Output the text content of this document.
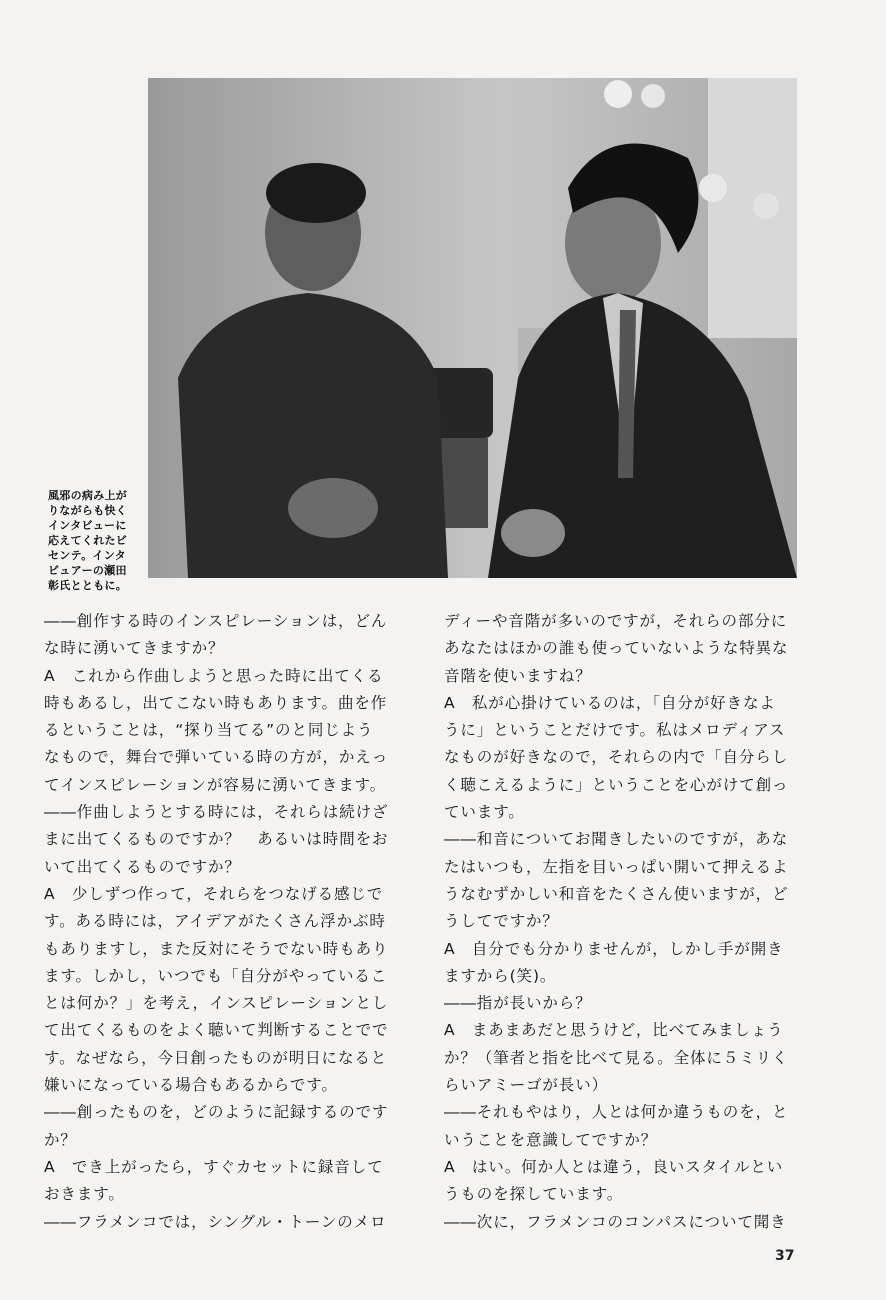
風邪の病み上が
りながらも快く
インタビューに
応えてくれたビ
センテ。インタ
ビュアーの瀬田
彰氏とともに。

――創作する時のインスピレーションは，どん
な時に湧いてきますか？

A　これから作曲しようと思った時に出てくる
時もあるし，出てこない時もあります。曲を作
るということは，“探り当てる”のと同じよう
なもので，舞台で弾いている時の方が，かえっ
てインスピレーションが容易に湧いてきます。

――作曲しようとする時には，それらは続けざ
まに出てくるものですか？　あるいは時間をお
いて出てくるものですか？

A　少しずつ作って，それらをつなげる感じで
す。ある時には，アイデアがたくさん浮かぶ時
もありますし，また反対にそうでない時もあり
ます。しかし，いつでも「自分がやっているこ
とは何か？」を考え，インスピレーションとし
て出てくるものをよく聴いて判断することでで
す。なぜなら，今日創ったものが明日になると
嫌いになっている場合もあるからです。

――創ったものを，どのように記録するのです
か？

A　でき上がったら，すぐカセットに録音して
おきます。

――フラメンコでは，シングル・トーンのメロ

ディーや音階が多いのですが，それらの部分に
あなたはほかの誰も使っていないような特異な
音階を使いますね？

A　私が心掛けているのは，「自分が好きなよ
うに」ということだけです。私はメロディアス
なものが好きなので，それらの内で「自分らし
く聴こえるように」ということを心がけて創っ
ています。

――和音についてお聞きしたいのですが，あな
たはいつも，左指を目いっぱい開いて押えるよ
うなむずかしい和音をたくさん使いますが，ど
うしてですか？

A　自分でも分かりませんが，しかし手が開き
ますから(笑)。

――指が長いから？

A　まあまあだと思うけど，比べてみましょう
か？（筆者と指を比べて見る。全体に５ミリく
らいアミーゴが長い）

――それもやはり，人とは何か違うものを，と
いうことを意識してですか？

A　はい。何か人とは違う，良いスタイルとい
うものを探しています。

――次に，フラメンコのコンパスについて聞き

37
